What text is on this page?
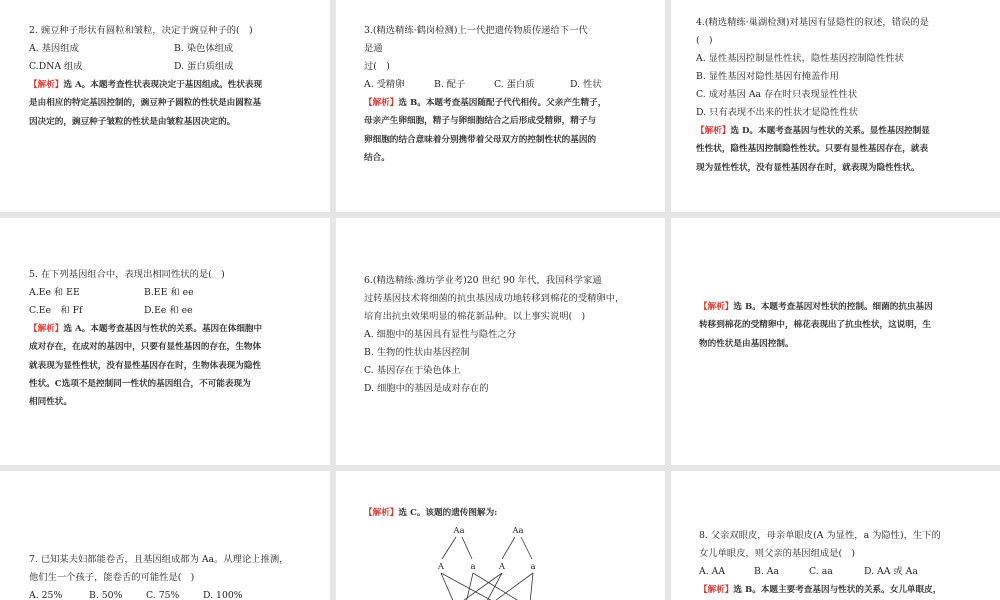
2. 豌豆种子形状有圆粒和皱粒，决定于豌豆种子的(　)

A. 基因组成	B. 染色体组成
C.DNA 组成	D. 蛋白质组成

【解析】选 A。本题考查性状表现决定于基因组成。性状表现

是由相应的特定基因控制的，豌豆种子圆粒的性状是由圆粒基

因决定的，豌豆种子皱粒的性状是由皱粒基因决定的。

3.(精选精练·鹤岗检测)上一代把遗传物质传递给下一代

是通

过(　)

A. 受精卵	B. 配子	C. 蛋白质	D. 性状

【解析】选 B。本题考查基因随配子代代相传。父亲产生精子，

母亲产生卵细胞，精子与卵细胞结合之后形成受精卵，精子与

卵细胞的结合意味着分别携带着父母双方的控制性状的基因的

结合。

4.(精选精练·巢湖检测)对基因有显隐性的叙述，错误的是

(　)

A. 显性基因控制显性性状，隐性基因控制隐性性状

B. 显性基因对隐性基因有掩盖作用

C. 成对基因 Aa 存在时只表现显性性状

D. 只有表现不出来的性状才是隐性性状

【解析】选 D。本题考查基因与性状的关系。显性基因控制显

性性状，隐性基因控制隐性性状。只要有显性基因存在，就表

现为显性性状，没有显性基因存在时，就表现为隐性性状。

5. 在下列基因组合中，表现出相同性状的是(　)

A.Ee 和 EE	B.EE 和 ee
C.Ee　和 Ff	D.Ee 和 ee

【解析】选 A。本题考查基因与性状的关系。基因在体细胞中

成对存在，在成对的基因中，只要有显性基因的存在，生物体

就表现为显性性状，没有显性基因存在时，生物体表现为隐性

性状。C选项不是控制同一性状的基因组合，不可能表现为

相同性状。

6.(精选精练·潍坊学业考)20 世纪 90 年代，我国科学家通

过转基因技术将细菌的抗虫基因成功地转移到棉花的受精卵中，

培育出抗虫效果明显的棉花新品种。以上事实说明(　)

A. 细胞中的基因具有显性与隐性之分

B. 生物的性状由基因控制

C. 基因存在于染色体上

D. 细胞中的基因是成对存在的

【解析】选 B。本题考查基因对性状的控制。细菌的抗虫基因

转移到棉花的受精卵中，棉花表现出了抗虫性状，这说明，生

物的性状是由基因控制。

7. 已知某夫妇都能卷舌，且基因组成都为 Aa。从理论上推测，

他们生一个孩子，能卷舌的可能性是(　)

A. 25%	B. 50%	C. 75%	D. 100%

【解析】选 C。该题的遗传图解为:

Aa	Aa
A	a	A	a

8. 父亲双眼皮，母亲单眼皮(A 为显性，a 为隐性)，生下的

女儿单眼皮，则父亲的基因组成是(　)

A. AA	B. Aa	C. aa	D. AA 或 Aa

【解析】选 B。本题主要考查基因与性状的关系。女儿单眼皮，
